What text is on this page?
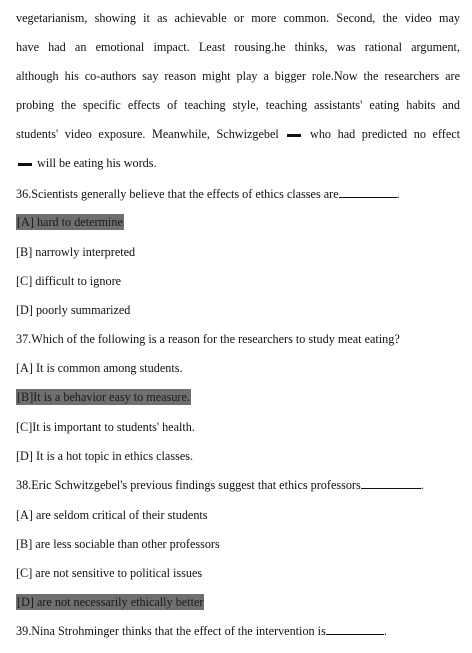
vegetarianism, showing it as achievable or more common. Second, the video may
have had an emotional impact. Least rousing.he thinks, was rational argument,
although his co-authors say reason might play a bigger role.Now the researchers are
probing the specific effects of teaching style, teaching assistants' eating habits and
students' video exposure. Meanwhile, Schwizgebel	who had predicted no effect
will be eating his words.
36.Scientists generally believe that the effects of ethics classes are	.
[A] hard to determine
[B] narrowly interpreted
[C] difficult to ignore
[D] poorly summarized
37.Which of the following is a reason for the researchers to study meat eating?
[A] It is common among students.
[B]It is a behavior easy to measure.
[C]It is important to students' health.
[D] It is a hot topic in ethics classes.
38.Eric Schwitzgebel's previous findings suggest that ethics professors	.
[A] are seldom critical of their students
[B] are less sociable than other professors
[C] are not sensitive to political issues
[D] are not necessarily ethically better
39.Nina Strohminger thinks that the effect of the intervention is	.
